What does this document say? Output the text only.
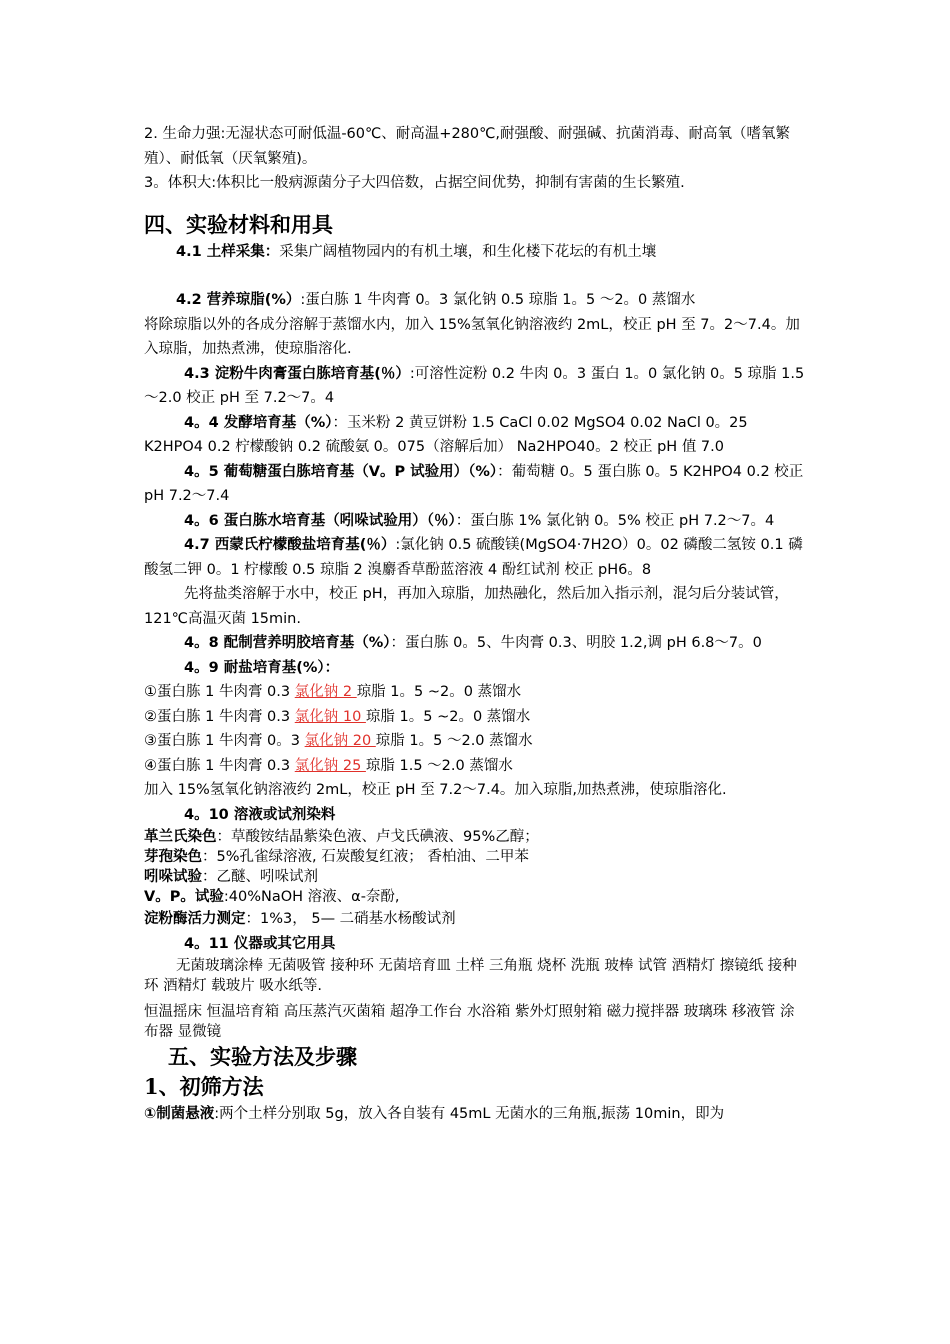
2. 生命力强:无湿状态可耐低温-60℃、耐高温+280℃,耐强酸、耐强碱、抗菌消毒、耐高氧（嗜氧繁殖）、耐低氧（厌氧繁殖)。

3。体积大:体积比一般病源菌分子大四倍数，占据空间优势，抑制有害菌的生长繁殖.

四、实验材料和用具

4.1 土样采集：采集广阔植物园内的有机土壤，和生化楼下花坛的有机土壤

4.2 营养琼脂(%）:蛋白胨 1 牛肉膏 0。3 氯化钠 0.5 琼脂 1。5 ～2。0 蒸馏水

将除琼脂以外的各成分溶解于蒸馏水内，加入 15%氢氧化钠溶液约 2mL，校正 pH 至 7。2～7.4。加入琼脂，加热煮沸，使琼脂溶化.

4.3 淀粉牛肉膏蛋白胨培育基(％）:可溶性淀粉 0.2 牛肉 0。3 蛋白 1。0 氯化钠 0。5 琼脂 1.5～2.0 校正 pH 至 7.2～7。4

4。4 发酵培育基（%）：玉米粉 2 黄豆饼粉 1.5 CaCl 0.02 MgSO4 0.02 NaCl 0。25 K2HPO4 0.2 柠檬酸钠 0.2 硫酸氨 0。075（溶解后加） Na2HPO40。2 校正 pH 值 7.0

4。5 葡萄糖蛋白胨培育基（V。P 试验用）（%）：葡萄糖 0。5 蛋白胨 0。5 K2HPO4 0.2 校正 pH 7.2～7.4

4。6 蛋白胨水培育基（吲哚试验用）（％）：蛋白胨 1% 氯化钠 0。5% 校正 pH 7.2～7。4

4.7 西蒙氏柠檬酸盐培育基(％）:氯化钠 0.5 硫酸镁(MgSO4·7H2O）0。02 磷酸二氢铵 0.1 磷酸氢二钾 0。1 柠檬酸 0.5 琼脂 2 溴麝香草酚蓝溶液 4 酚红试剂 校正 pH6。8

先将盐类溶解于水中，校正 pH，再加入琼脂，加热融化，然后加入指示剂，混匀后分装试管，121℃高温灭菌 15min.

4。8 配制营养明胶培育基（%）：蛋白胨 0。5、牛肉膏 0.3、明胶 1.2,调 pH 6.8～7。0

4。9 耐盐培育基(%）：

①蛋白胨 1 牛肉膏 0.3 氯化钠 2 琼脂 1。5 ~2。0 蒸馏水

②蛋白胨 1 牛肉膏 0.3 氯化钠 10 琼脂 1。5 ~2。0 蒸馏水

③蛋白胨 1 牛肉膏 0。3 氯化钠 20 琼脂 1。5 ～2.0 蒸馏水

④蛋白胨 1 牛肉膏 0.3 氯化钠 25 琼脂 1.5 ～2.0 蒸馏水

加入 15%氢氧化钠溶液约 2mL，校正 pH 至 7.2～7.4。加入琼脂,加热煮沸，使琼脂溶化.

4。10 溶液或试剂染料

革兰氏染色：草酸铵结晶紫染色液、卢戈氏碘液、95%乙醇；

芽孢染色：5%孔雀绿溶液, 石炭酸复红液； 香柏油、二甲苯

吲哚试验：乙醚、吲哚试剂

V。P。试验:40%NaOH 溶液、α-奈酚,

淀粉酶活力测定：1%3， 5— 二硝基水杨酸试剂

4。11 仪器或其它用具

无菌玻璃涂棒 无菌吸管 接种环 无菌培育皿 土样 三角瓶 烧杯 洗瓶 玻棒 试管 酒精灯 擦镜纸 接种环 酒精灯 载玻片 吸水纸等.

恒温摇床 恒温培育箱 高压蒸汽灭菌箱 超净工作台 水浴箱 紫外灯照射箱 磁力搅拌器 玻璃珠 移液管 涂布器 显微镜

五、实验方法及步骤
1、初筛方法

①制菌悬液:两个土样分别取 5g，放入各自装有 45mL 无菌水的三角瓶,振荡 10min，即为
